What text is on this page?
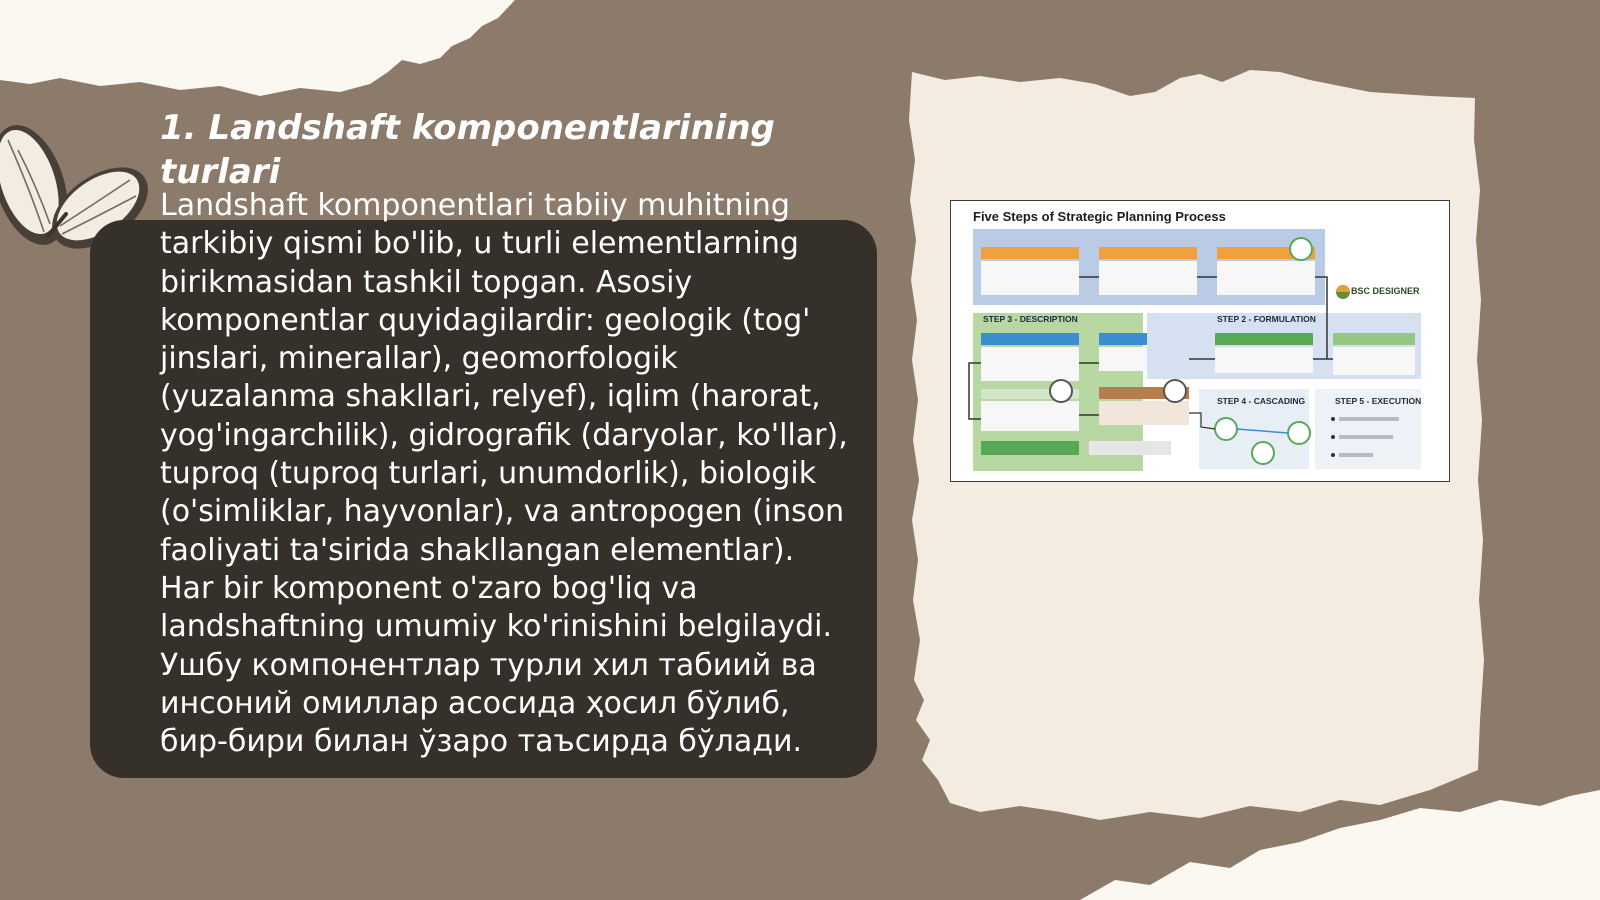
1. Landshaft komponentlarining
turlari

Landshaft komponentlari tabiiy muhitning
tarkibiy qismi bo'lib, u turli elementlarning
birikmasidan tashkil topgan. Asosiy
komponentlar quyidagilardir: geologik (tog'
jinslari, minerallar), geomorfologik
(yuzalanma shakllari, relyef), iqlim (harorat,
yog'ingarchilik), gidrografik (daryolar, ko'llar),
tuproq (tuproq turlari, unumdorlik), biologik
(o'simliklar, hayvonlar), va antropogen (inson
faoliyati ta'sirida shakllangan elementlar).
Har bir komponent o'zaro bog'liq va
landshaftning umumiy ko'rinishini belgilaydi.
Ушбу компонентлар турли хил табиий ва
инсоний омиллар асосида ҳосил бўлиб,
бир-бири билан ўзаро таъсирда бўлади.

Five Steps of Strategic Planning Process

STEP 3 - DESCRIPTION	STEP 2 - FORMULATION

STEP 4 - CASCADING	STEP 5 - EXECUTION

BSC DESIGNER
